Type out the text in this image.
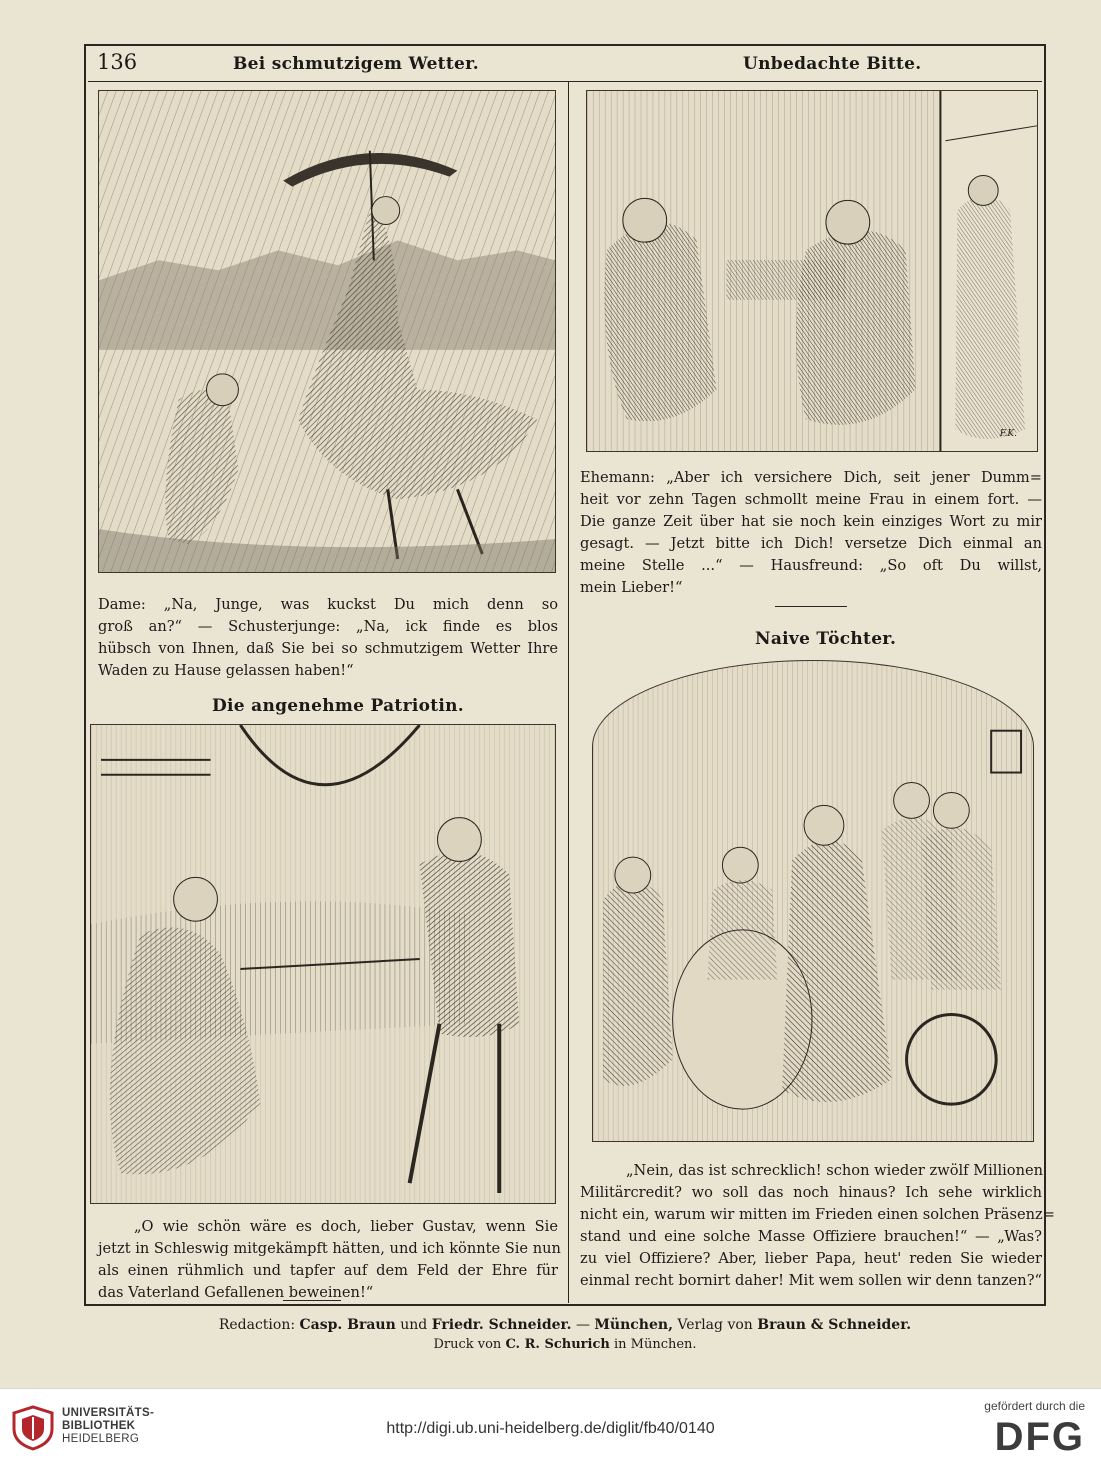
136	Bei schmutzigem Wetter.
Dame: „Na, Junge, was kuckst Du mich denn so
groß an?“ — Schusterjunge: „Na, ick finde es blos
hübsch von Ihnen, daß Sie bei so schmutzigem Wetter Ihre
Waden zu Hause gelassen haben!“
Unbedachte Bitte.
F.K.
Ehemann: „Aber ich versichere Dich, seit jener Dumm=
heit vor zehn Tagen schmollt meine Frau in einem fort. —
Die ganze Zeit über hat sie noch kein einziges Wort zu mir
gesagt. — Jetzt bitte ich Dich! versetze Dich einmal an
meine Stelle ...“ — Hausfreund: „So oft Du willst,
mein Lieber!“
Die angenehme Patriotin.
„O wie schön wäre es doch, lieber Gustav, wenn Sie
jetzt in Schleswig mitgekämpft hätten, und ich könnte Sie nun
als einen rühmlich und tapfer auf dem Feld der Ehre für
das Vaterland Gefallenen beweinen!“
Naive Töchter.
„Nein, das ist schrecklich! schon wieder zwölf Millionen
Militärcredit? wo soll das noch hinaus? Ich sehe wirklich
nicht ein, warum wir mitten im Frieden einen solchen Präsenz=
stand und eine solche Masse Offiziere brauchen!“ — „Was?
zu viel Offiziere? Aber, lieber Papa, heut' reden Sie wieder
einmal recht bornirt daher! Mit wem sollen wir denn tanzen?“
Redaction: Casp. Braun und Friedr. Schneider. — München, Verlag von Braun & Schneider.
Druck von C. R. Schurich in München.
UNIVERSITÄTS-
BIBLIOTHEK
HEIDELBERG
http://digi.ub.uni-heidelberg.de/diglit/fb40/0140
gefördert durch die
DFG
